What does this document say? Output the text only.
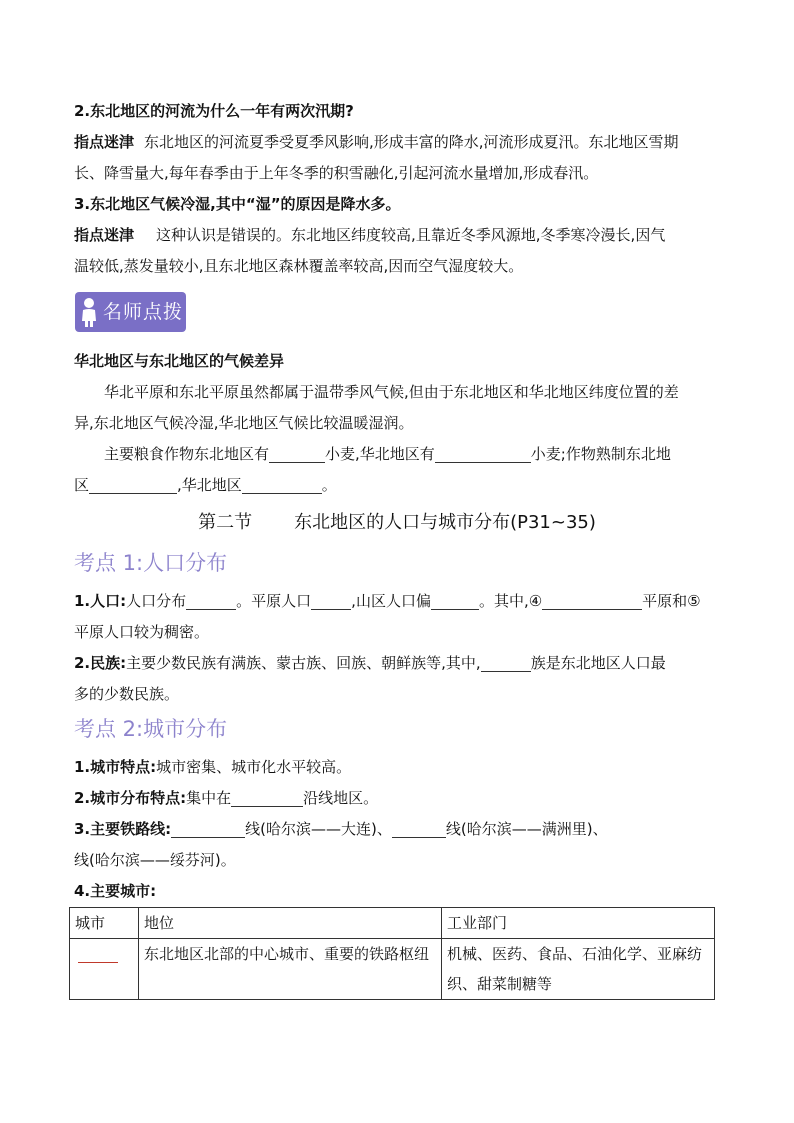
2.东北地区的河流为什么一年有两次汛期?

指点迷津 东北地区的河流夏季受夏季风影响,形成丰富的降水,河流形成夏汛。东北地区雪期

长、降雪量大,每年春季由于上年冬季的积雪融化,引起河流水量增加,形成春汛。

3.东北地区气候冷湿,其中“湿”的原因是降水多。

指点迷津 这种认识是错误的。东北地区纬度较高,且靠近冬季风源地,冬季寒冷漫长,因气

温较低,蒸发量较小,且东北地区森林覆盖率较高,因而空气湿度较大。

名师点拨

华北地区与东北地区的气候差异

华北平原和东北平原虽然都属于温带季风气候,但由于东北地区和华北地区纬度位置的差

异,东北地区气候冷湿,华北地区气候比较温暖湿润。

主要粮食作物东北地区有	小麦,华北地区有	小麦;作物熟制东北地

区	,华北地区	。

第二节 东北地区的人口与城市分布(P31~35)
考点 1:人口分布

1.人口:人口分布	。平原人口	,山区人口偏	。其中,④	平原和⑤

平原人口较为稠密。

2.民族:主要少数民族有满族、蒙古族、回族、朝鲜族等,其中,	族是东北地区人口最

多的少数民族。

考点 2:城市分布

1.城市特点:城市密集、城市化水平较高。

2.城市分布特点:集中在	沿线地区。

3.主要铁路线:	线(哈尔滨——大连)、	线(哈尔滨——满洲里)、

线(哈尔滨——绥芬河)。

4.主要城市:

城市	地位	工业部门
	东北地区北部的中心城市、重要的铁路枢纽	机械、医药、食品、石油化学、亚麻纺织、甜菜制糖等
